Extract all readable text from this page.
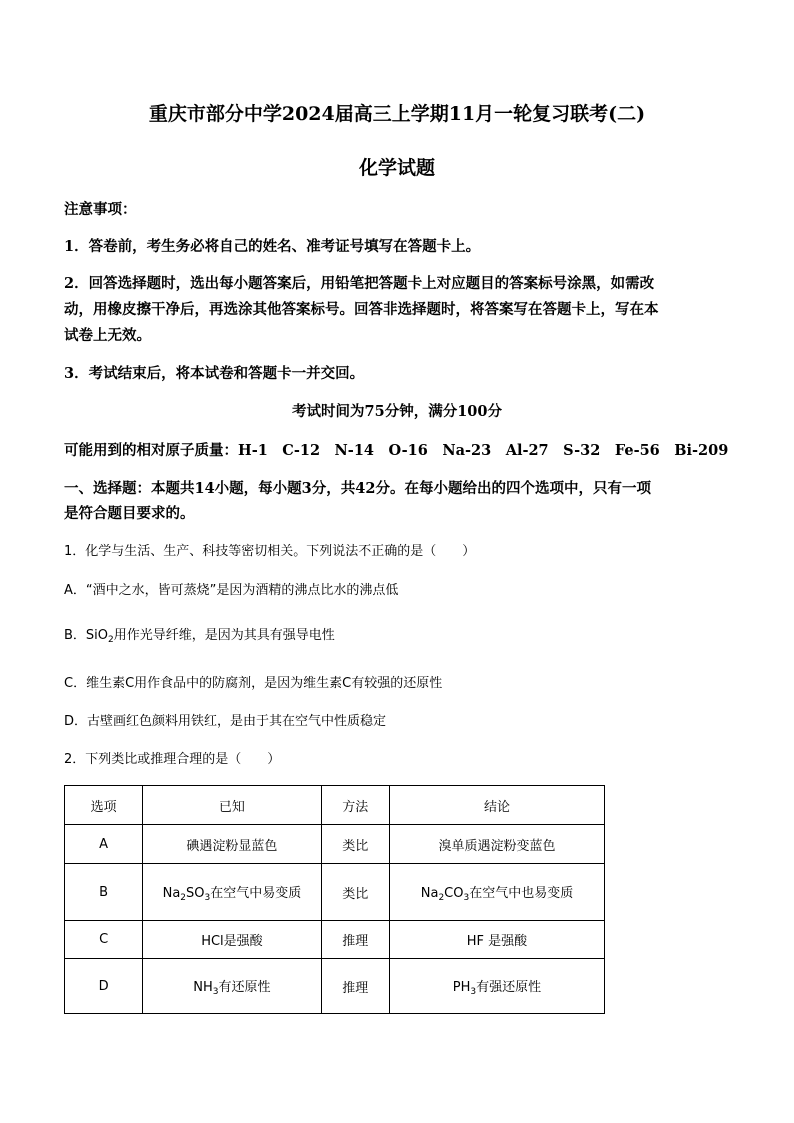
重庆市部分中学2024届高三上学期11月一轮复习联考(二)
化学试题
注意事项：
1．答卷前，考生务必将自己的姓名、准考证号填写在答题卡上。
2．回答选择题时，选出每小题答案后，用铅笔把答题卡上对应题目的答案标号涂黑，如需改
动，用橡皮擦干净后，再选涂其他答案标号。回答非选择题时，将答案写在答题卡上，写在本
试卷上无效。
3．考试结束后，将本试卷和答题卡一并交回。
考试时间为75分钟，满分100分
可能用到的相对原子质量：H-1　C-12　N-14　O-16　Na-23　Al-27　S-32　Fe-56　Bi-209
一、选择题：本题共14小题，每小题3分，共42分。在每小题给出的四个选项中，只有一项
是符合题目要求的。
1．化学与生活、生产、科技等密切相关。下列说法不正确的是（　　）
A．“酒中之水，皆可蒸烧”是因为酒精的沸点比水的沸点低
B．SiO$_2$用作光导纤维，是因为其具有强导电性
C．维生素C用作食品中的防腐剂，是因为维生素C有较强的还原性
D．古壁画红色颜料用铁红，是由于其在空气中性质稳定
2．下列类比或推理合理的是（　　）
选项	已知	方法	结论
A	碘遇淀粉显蓝色	类比	溴单质遇淀粉变蓝色
B	$Na_2SO_3$在空气中易变质	类比	$Na_2CO_3$在空气中也易变质
C	HCl是强酸	推理	HF 是强酸
D	$NH_3$有还原性	推理	$PH_3$有强还原性
